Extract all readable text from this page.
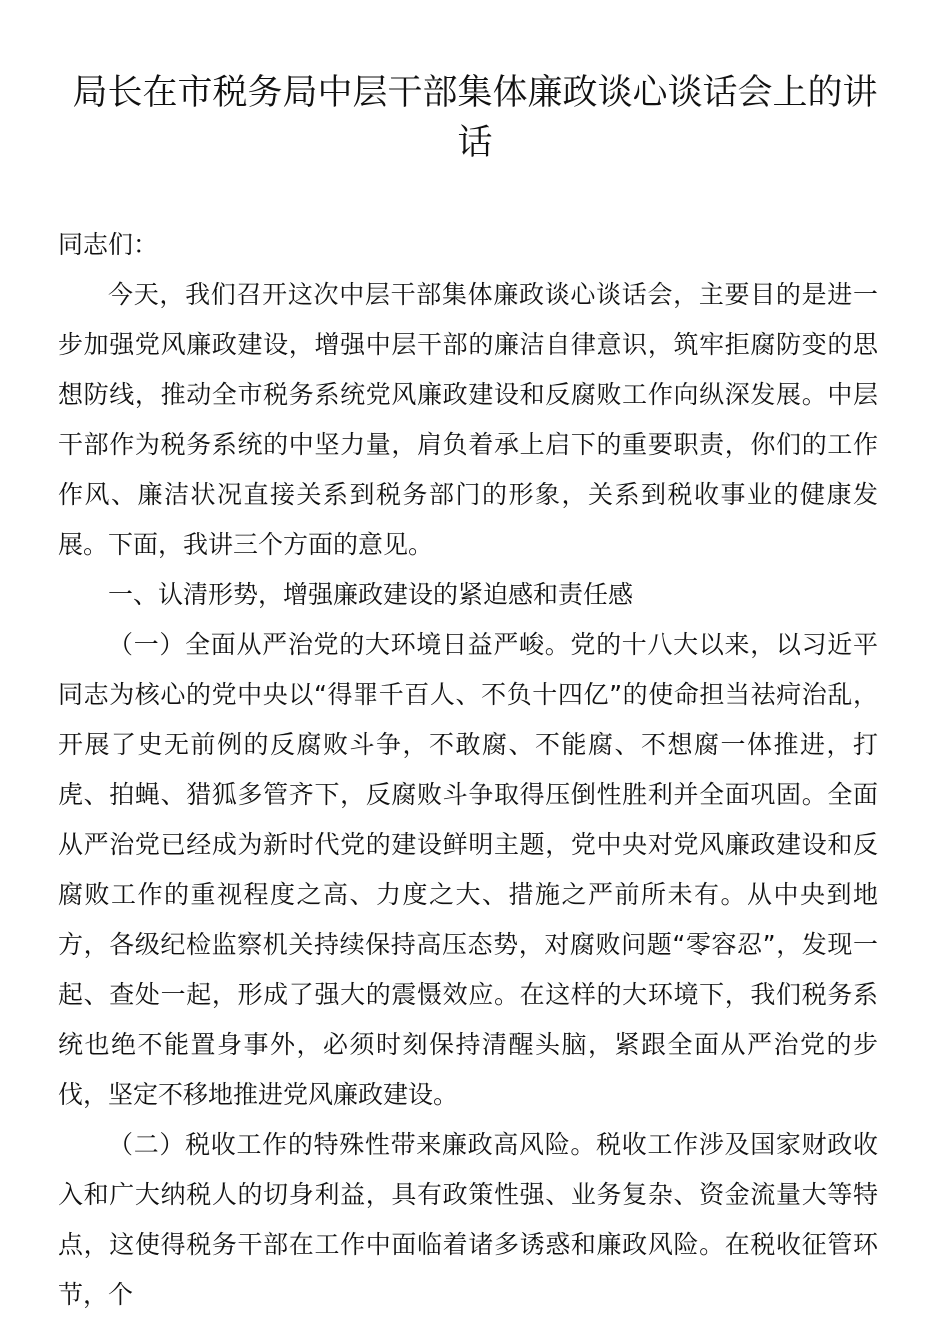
局长在市税务局中层干部集体廉政谈心谈话会上的讲话

同志们：

今天，我们召开这次中层干部集体廉政谈心谈话会，主要目的是进一步加强党风廉政建设，增强中层干部的廉洁自律意识，筑牢拒腐防变的思想防线，推动全市税务系统党风廉政建设和反腐败工作向纵深发展。中层干部作为税务系统的中坚力量，肩负着承上启下的重要职责，你们的工作作风、廉洁状况直接关系到税务部门的形象，关系到税收事业的健康发展。下面，我讲三个方面的意见。

一、认清形势，增强廉政建设的紧迫感和责任感

（一）全面从严治党的大环境日益严峻。党的十八大以来，以习近平同志为核心的党中央以“得罪千百人、不负十四亿”的使命担当祛疴治乱，开展了史无前例的反腐败斗争，不敢腐、不能腐、不想腐一体推进，打虎、拍蝇、猎狐多管齐下，反腐败斗争取得压倒性胜利并全面巩固。全面从严治党已经成为新时代党的建设鲜明主题，党中央对党风廉政建设和反腐败工作的重视程度之高、力度之大、措施之严前所未有。从中央到地方，各级纪检监察机关持续保持高压态势，对腐败问题“零容忍”，发现一起、查处一起，形成了强大的震慑效应。在这样的大环境下，我们税务系统也绝不能置身事外，必须时刻保持清醒头脑，紧跟全面从严治党的步伐，坚定不移地推进党风廉政建设。

（二）税收工作的特殊性带来廉政高风险。税收工作涉及国家财政收入和广大纳税人的切身利益，具有政策性强、业务复杂、资金流量大等特点，这使得税务干部在工作中面临着诸多诱惑和廉政风险。在税收征管环节，个
